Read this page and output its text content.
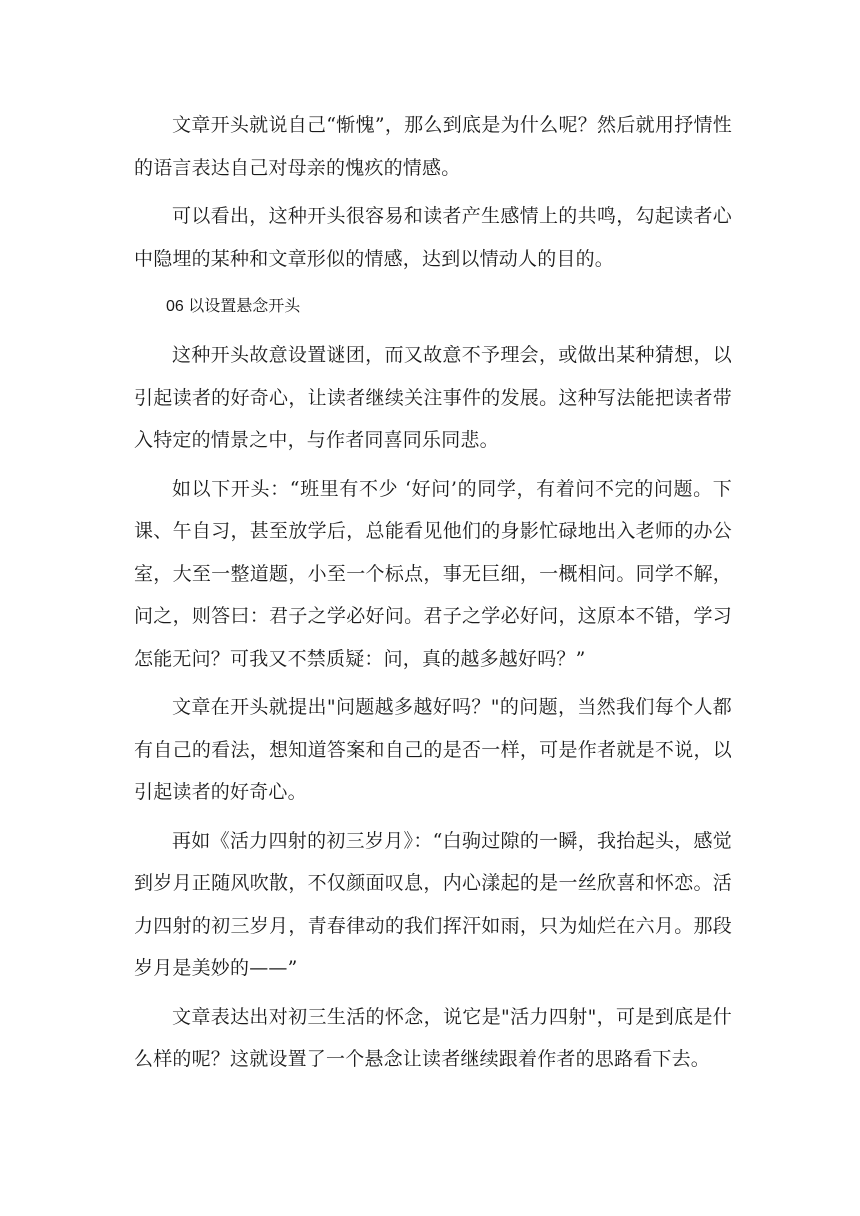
文章开头就说自己“惭愧”，那么到底是为什么呢？然后就用抒情性的语言表达自己对母亲的愧疚的情感。

可以看出，这种开头很容易和读者产生感情上的共鸣，勾起读者心中隐埋的某种和文章形似的情感，达到以情动人的目的。

06 以设置悬念开头

这种开头故意设置谜团，而又故意不予理会，或做出某种猜想，以引起读者的好奇心，让读者继续关注事件的发展。这种写法能把读者带入特定的情景之中，与作者同喜同乐同悲。

如以下开头：“班里有不少 ‘好问’的同学，有着问不完的问题。下课、午自习，甚至放学后，总能看见他们的身影忙碌地出入老师的办公室，大至一整道题，小至一个标点，事无巨细，一概相问。同学不解，问之，则答曰：君子之学必好问。君子之学必好问，这原本不错，学习怎能无问？可我又不禁质疑：问，真的越多越好吗？”

文章在开头就提出"问题越多越好吗？"的问题，当然我们每个人都有自己的看法，想知道答案和自己的是否一样，可是作者就是不说，以引起读者的好奇心。

再如《活力四射的初三岁月》：“白驹过隙的一瞬，我抬起头，感觉到岁月正随风吹散，不仅颜面叹息，内心漾起的是一丝欣喜和怀恋。活力四射的初三岁月，青春律动的我们挥汗如雨，只为灿烂在六月。那段岁月是美妙的——”

文章表达出对初三生活的怀念，说它是"活力四射"，可是到底是什么样的呢？这就设置了一个悬念让读者继续跟着作者的思路看下去。
